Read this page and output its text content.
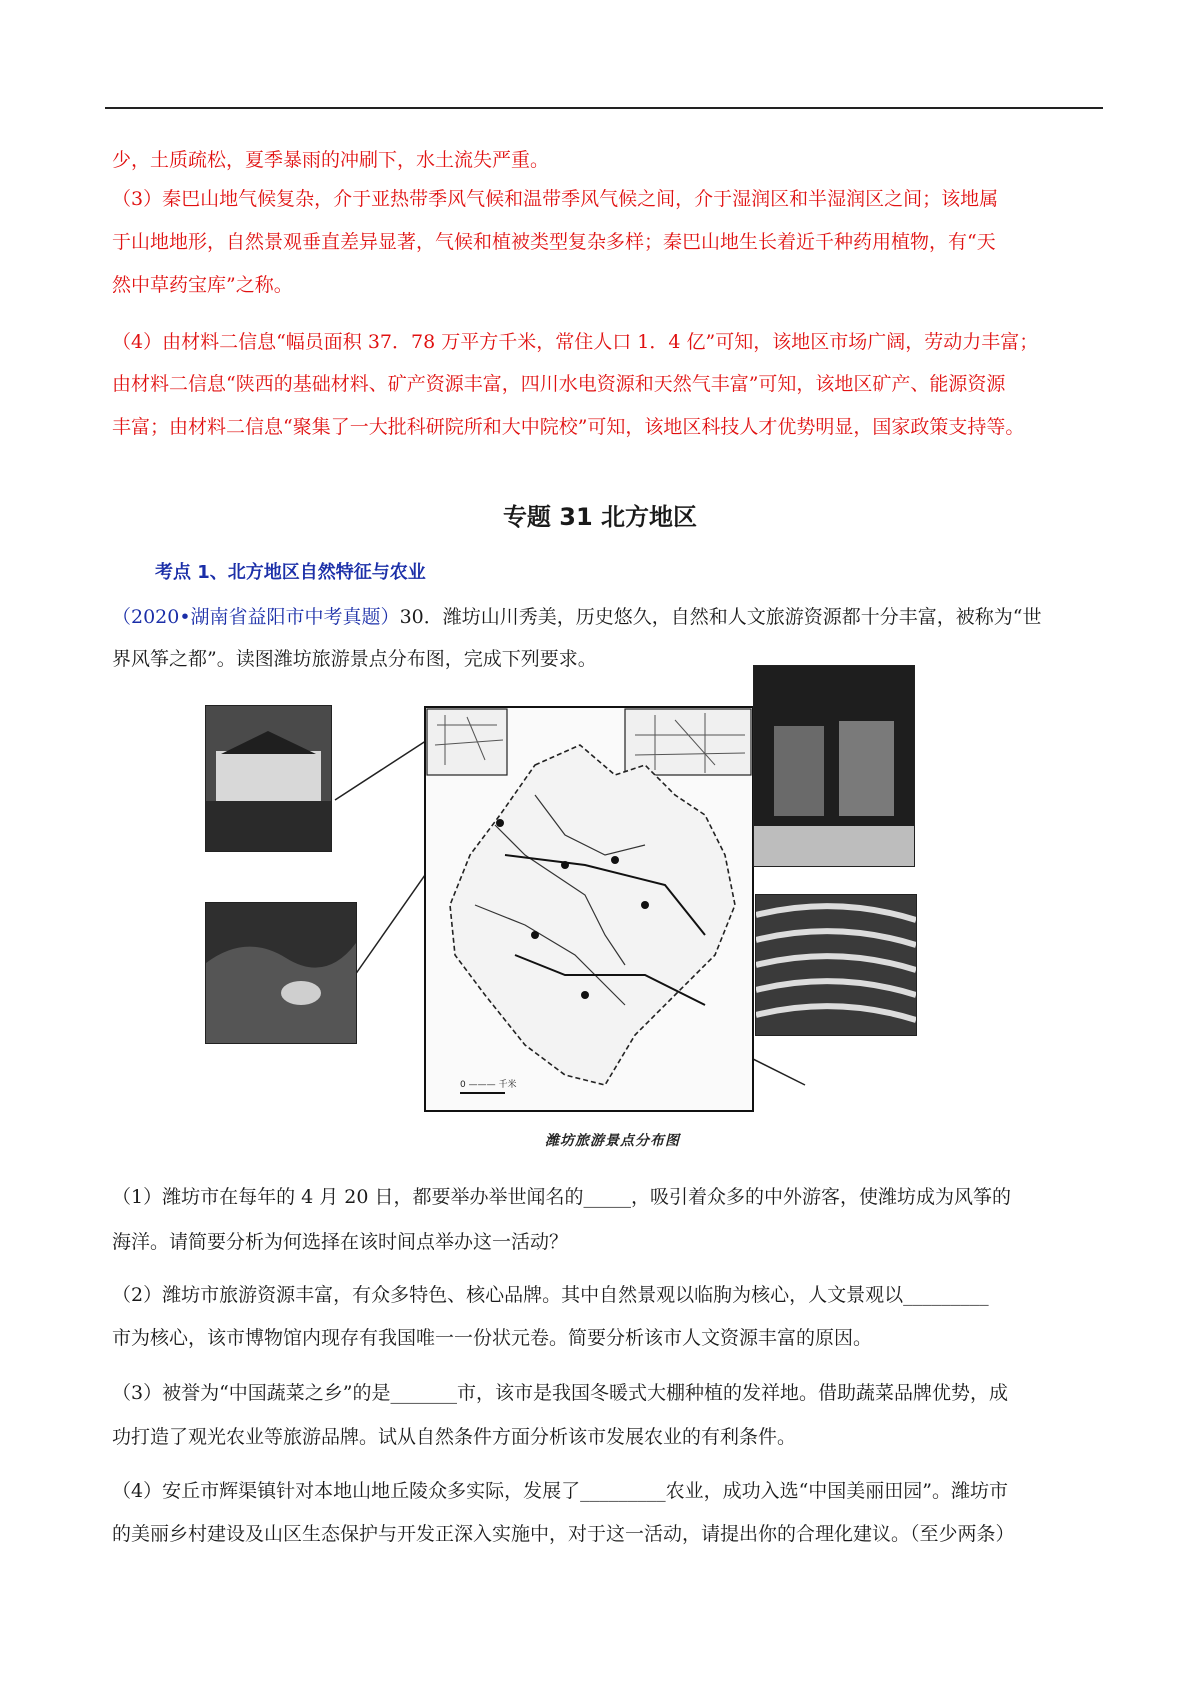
少，土质疏松，夏季暴雨的冲刷下，水土流失严重。

（3）秦巴山地气候复杂，介于亚热带季风气候和温带季风气候之间，介于湿润区和半湿润区之间；该地属

于山地地形，自然景观垂直差异显著，气候和植被类型复杂多样；秦巴山地生长着近千种药用植物，有“天

然中草药宝库”之称。

（4）由材料二信息“幅员面积 37．78 万平方千米，常住人口 1．4 亿”可知，该地区市场广阔，劳动力丰富；

由材料二信息“陕西的基础材料、矿产资源丰富，四川水电资源和天然气丰富”可知，该地区矿产、能源资源

丰富；由材料二信息“聚集了一大批科研院所和大中院校”可知，该地区科技人才优势明显，国家政策支持等。

专题 31 北方地区

考点 1、北方地区自然特征与农业

（2020•湖南省益阳市中考真题）30．潍坊山川秀美，历史悠久，自然和人文旅游资源都十分丰富，被称为“世

界风筝之都”。读图潍坊旅游景点分布图，完成下列要求。

0 ——— 千米

潍坊旅游景点分布图

（1）潍坊市在每年的 4 月 20 日，都要举办举世闻名的_____，吸引着众多的中外游客，使潍坊成为风筝的

海洋。请简要分析为何选择在该时间点举办这一活动？

（2）潍坊市旅游资源丰富，有众多特色、核心品牌。其中自然景观以临朐为核心，人文景观以_________

市为核心，该市博物馆内现存有我国唯一一份状元卷。简要分析该市人文资源丰富的原因。

（3）被誉为“中国蔬菜之乡”的是_______市，该市是我国冬暖式大棚种植的发祥地。借助蔬菜品牌优势，成

功打造了观光农业等旅游品牌。试从自然条件方面分析该市发展农业的有利条件。

（4）安丘市辉渠镇针对本地山地丘陵众多实际，发展了_________农业，成功入选“中国美丽田园”。潍坊市

的美丽乡村建设及山区生态保护与开发正深入实施中，对于这一活动，请提出你的合理化建议。（至少两条）
